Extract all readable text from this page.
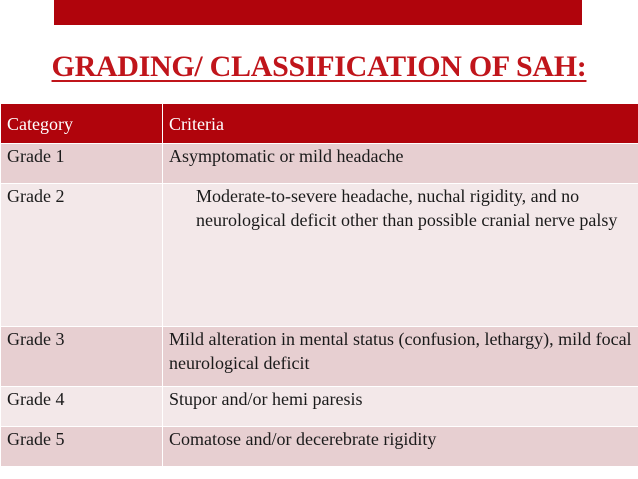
GRADING/ CLASSIFICATION OF SAH:
Category	Criteria
Grade 1	Asymptomatic or mild headache
Grade 2	Moderate-to-severe headache, nuchal rigidity, and no neurological deficit other than possible cranial nerve palsy
Grade 3	Mild alteration in mental status (confusion, lethargy), mild focal neurological deficit
Grade 4	Stupor and/or hemi paresis
Grade 5	Comatose and/or decerebrate rigidity
